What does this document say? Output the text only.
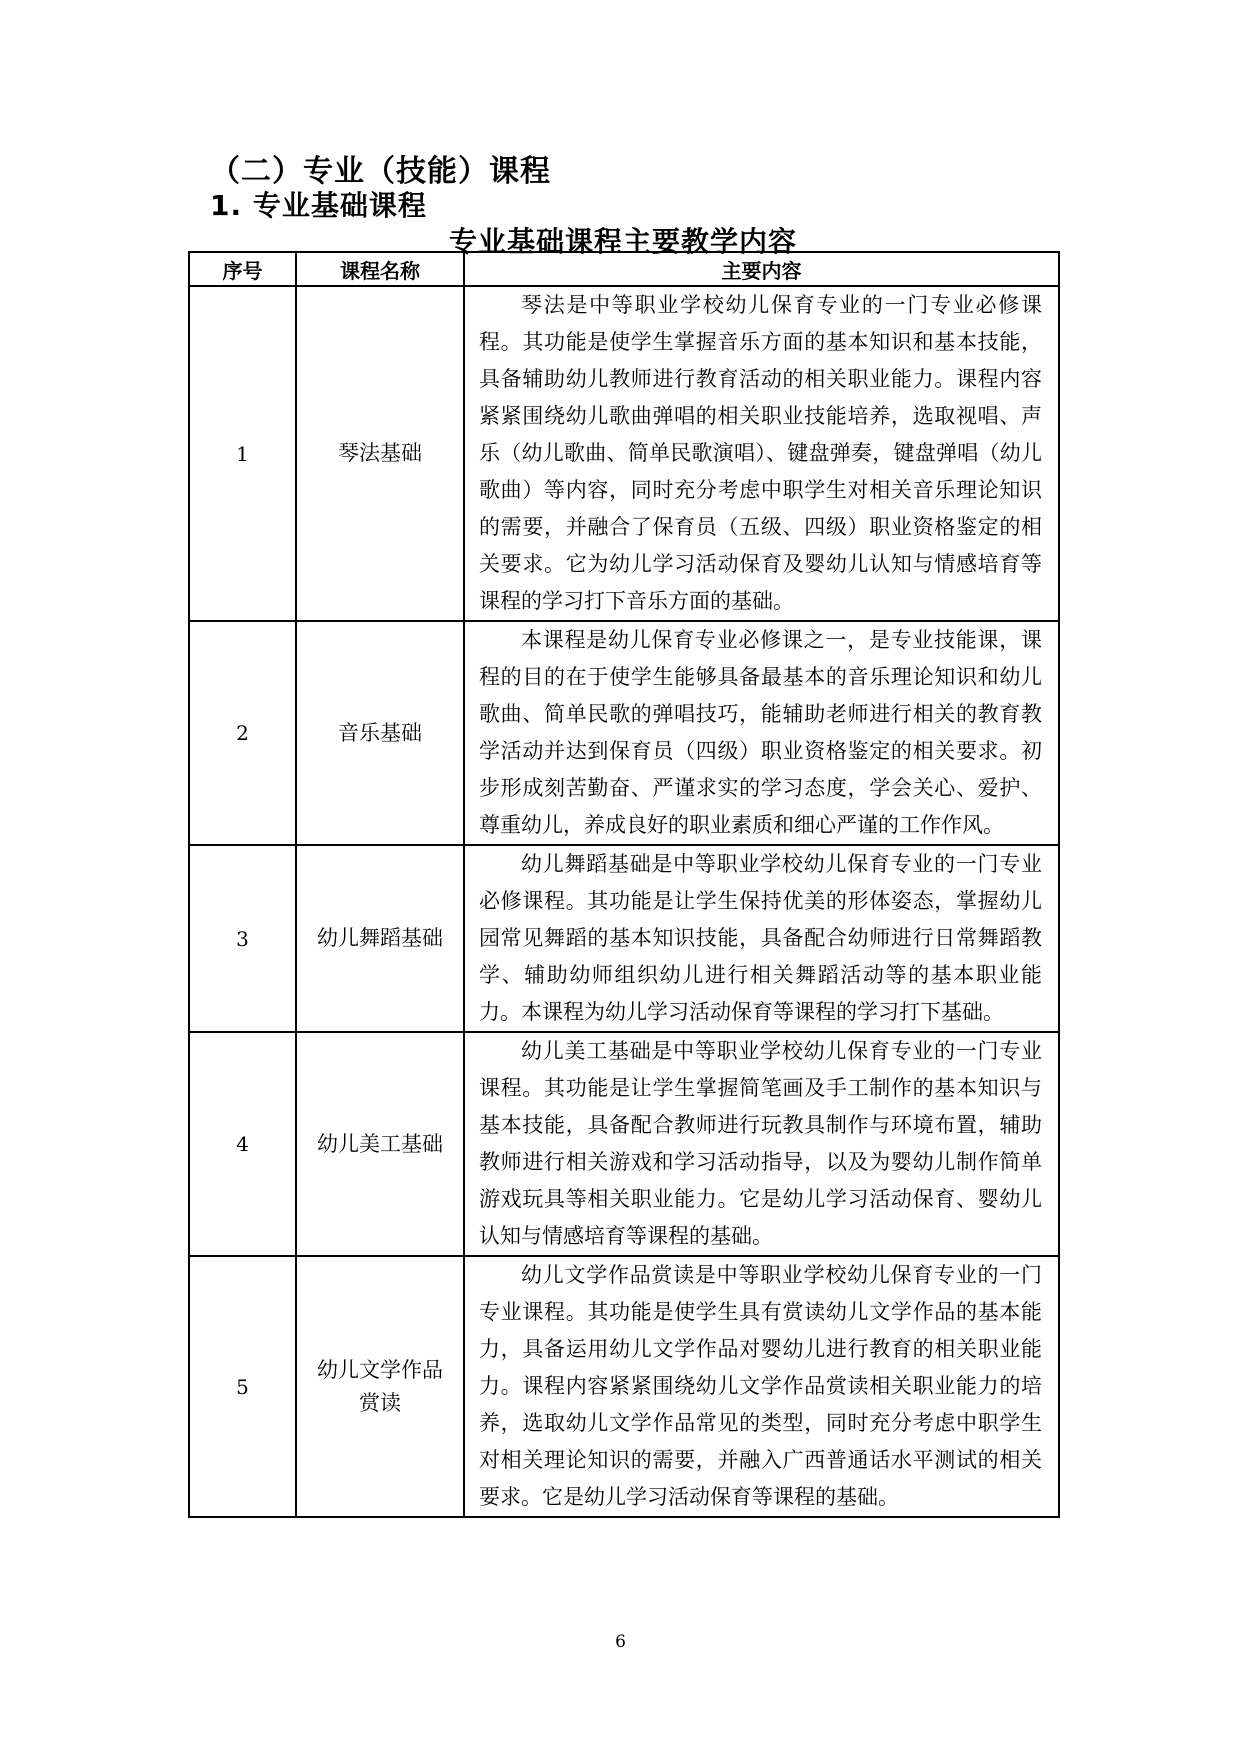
（二）专业（技能）课程
1. 专业基础课程
专业基础课程主要教学内容
序号	课程名称	主要内容
1	琴法基础	琴法是中等职业学校幼儿保育专业的一门专业必修课程。其功能是使学生掌握音乐方面的基本知识和基本技能，具备辅助幼儿教师进行教育活动的相关职业能力。课程内容紧紧围绕幼儿歌曲弹唱的相关职业技能培养，选取视唱、声乐（幼儿歌曲、简单民歌演唱）、键盘弹奏，键盘弹唱（幼儿歌曲）等内容，同时充分考虑中职学生对相关音乐理论知识的需要，并融合了保育员（五级、四级）职业资格鉴定的相关要求。它为幼儿学习活动保育及婴幼儿认知与情感培育等课程的学习打下音乐方面的基础。
2	音乐基础	本课程是幼儿保育专业必修课之一，是专业技能课，课程的目的在于使学生能够具备最基本的音乐理论知识和幼儿歌曲、简单民歌的弹唱技巧，能辅助老师进行相关的教育教学活动并达到保育员（四级）职业资格鉴定的相关要求。初步形成刻苦勤奋、严谨求实的学习态度，学会关心、爱护、尊重幼儿，养成良好的职业素质和细心严谨的工作作风。
3	幼儿舞蹈基础	幼儿舞蹈基础是中等职业学校幼儿保育专业的一门专业必修课程。其功能是让学生保持优美的形体姿态，掌握幼儿园常见舞蹈的基本知识技能，具备配合幼师进行日常舞蹈教学、辅助幼师组织幼儿进行相关舞蹈活动等的基本职业能力。本课程为幼儿学习活动保育等课程的学习打下基础。
4	幼儿美工基础	幼儿美工基础是中等职业学校幼儿保育专业的一门专业课程。其功能是让学生掌握简笔画及手工制作的基本知识与基本技能，具备配合教师进行玩教具制作与环境布置，辅助教师进行相关游戏和学习活动指导，以及为婴幼儿制作简单游戏玩具等相关职业能力。它是幼儿学习活动保育、婴幼儿认知与情感培育等课程的基础。
5	幼儿文学作品赏读	幼儿文学作品赏读是中等职业学校幼儿保育专业的一门专业课程。其功能是使学生具有赏读幼儿文学作品的基本能力，具备运用幼儿文学作品对婴幼儿进行教育的相关职业能力。课程内容紧紧围绕幼儿文学作品赏读相关职业能力的培养，选取幼儿文学作品常见的类型，同时充分考虑中职学生对相关理论知识的需要，并融入广西普通话水平测试的相关要求。它是幼儿学习活动保育等课程的基础。
6
